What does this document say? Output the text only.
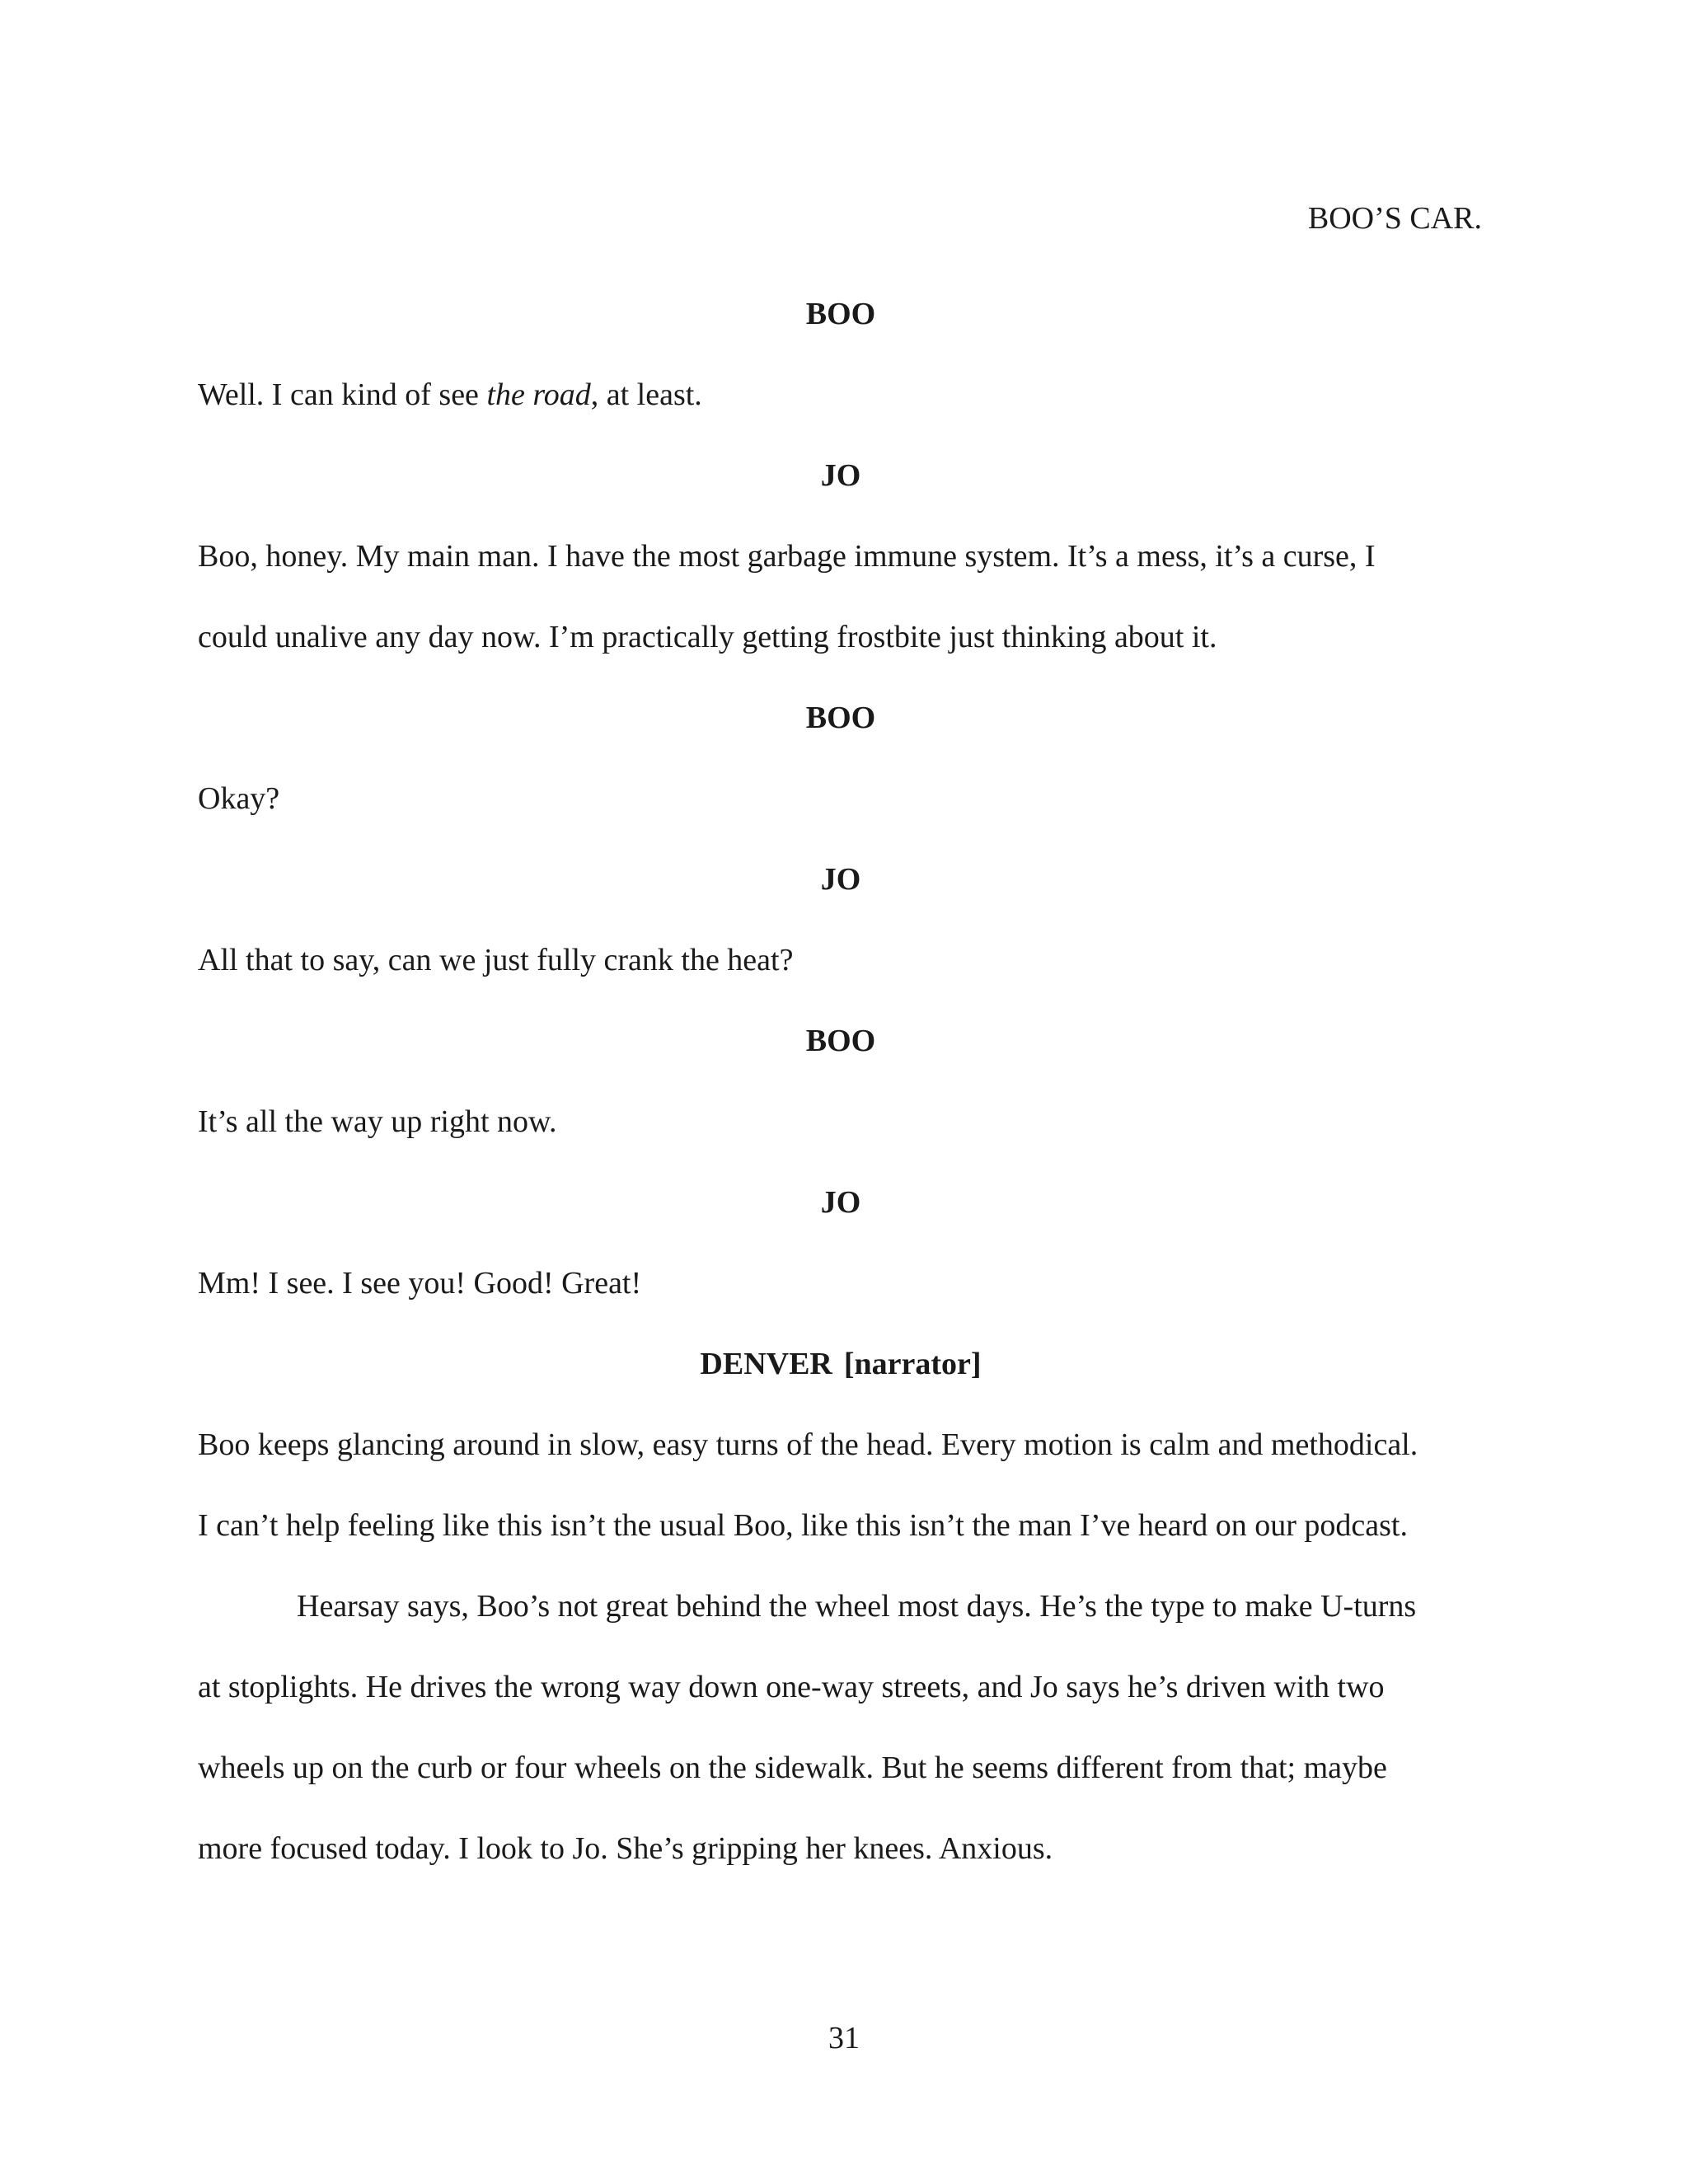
BOO’S CAR.
BOO
Well. I can kind of see the road, at least.
JO
Boo, honey. My main man. I have the most garbage immune system. It’s a mess, it’s a curse, I
could unalive any day now. I’m practically getting frostbite just thinking about it.
BOO
Okay?
JO
All that to say, can we just fully crank the heat?
BOO
It’s all the way up right now.
JO
Mm! I see. I see you! Good! Great!
DENVER [narrator]
Boo keeps glancing around in slow, easy turns of the head. Every motion is calm and methodical.
I can’t help feeling like this isn’t the usual Boo, like this isn’t the man I’ve heard on our podcast.
Hearsay says, Boo’s not great behind the wheel most days. He’s the type to make U-turns
at stoplights. He drives the wrong way down one-way streets, and Jo says he’s driven with two
wheels up on the curb or four wheels on the sidewalk. But he seems different from that; maybe
more focused today. I look to Jo. She’s gripping her knees. Anxious.
31
